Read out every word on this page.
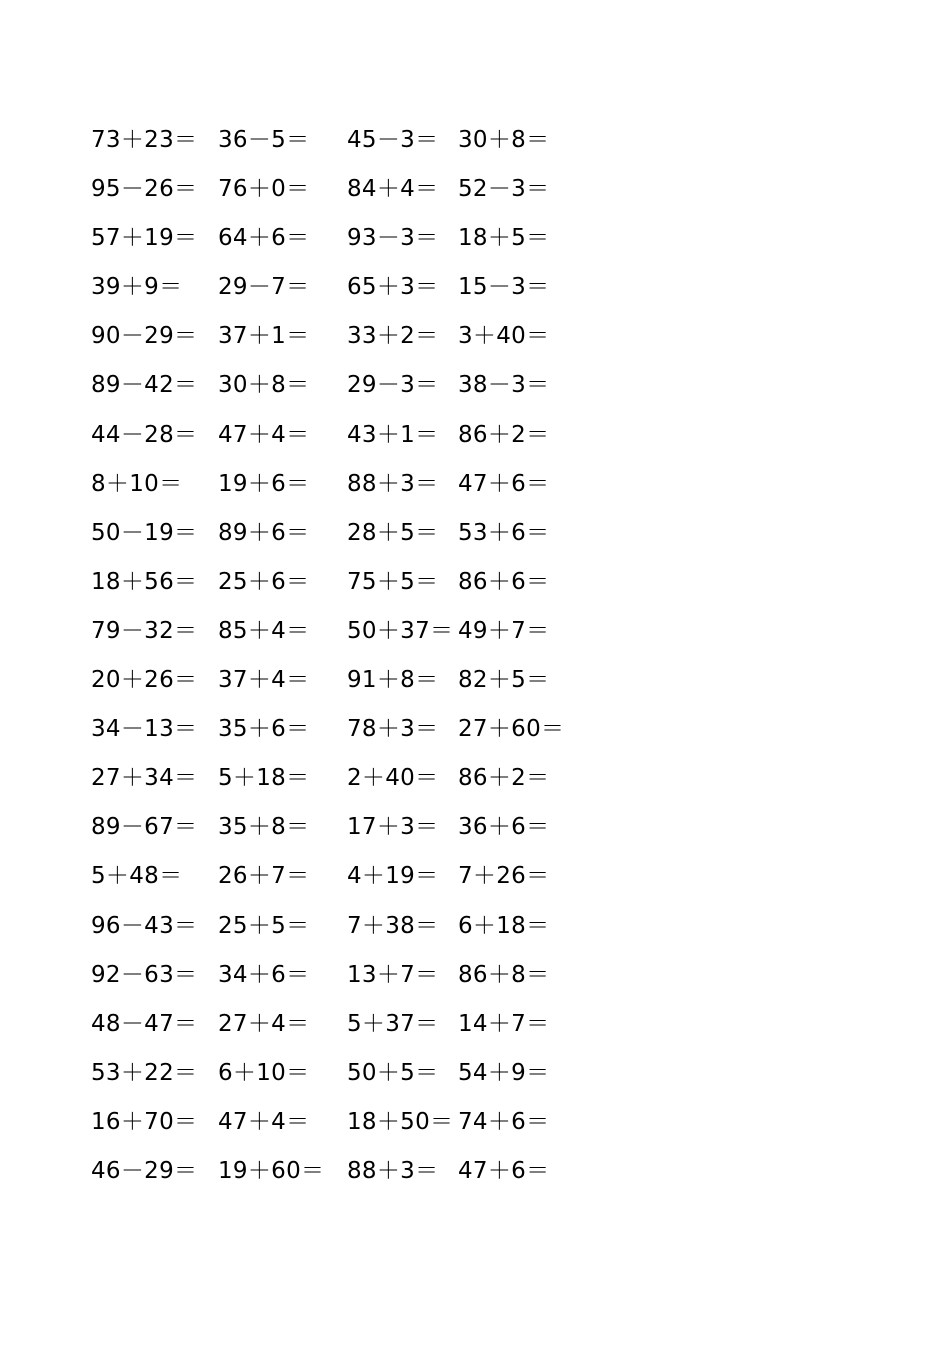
73＋23＝ 36－5＝ 45－3＝ 30＋8＝
95－26＝ 76＋0＝ 84＋4＝ 52－3＝
57＋19＝ 64＋6＝ 93－3＝ 18＋5＝
39＋9＝ 29－7＝ 65＋3＝ 15－3＝
90－29＝ 37＋1＝ 33＋2＝ 3＋40＝
89－42＝ 30＋8＝ 29－3＝ 38－3＝
44－28＝ 47＋4＝ 43＋1＝ 86＋2＝
8＋10＝ 19＋6＝ 88＋3＝ 47＋6＝
50－19＝ 89＋6＝ 28＋5＝ 53＋6＝
18＋56＝ 25＋6＝ 75＋5＝ 86＋6＝
79－32＝ 85＋4＝ 50＋37＝ 49＋7＝
20＋26＝ 37＋4＝ 91＋8＝ 82＋5＝
34－13＝ 35＋6＝ 78＋3＝ 27＋60＝
27＋34＝ 5＋18＝ 2＋40＝ 86＋2＝
89－67＝ 35＋8＝ 17＋3＝ 36＋6＝
5＋48＝ 26＋7＝ 4＋19＝ 7＋26＝
96－43＝ 25＋5＝ 7＋38＝ 6＋18＝
92－63＝ 34＋6＝ 13＋7＝ 86＋8＝
48－47＝ 27＋4＝ 5＋37＝ 14＋7＝
53＋22＝ 6＋10＝ 50＋5＝ 54＋9＝
16＋70＝ 47＋4＝ 18＋50＝ 74＋6＝
46－29＝ 19＋60＝ 88＋3＝ 47＋6＝
